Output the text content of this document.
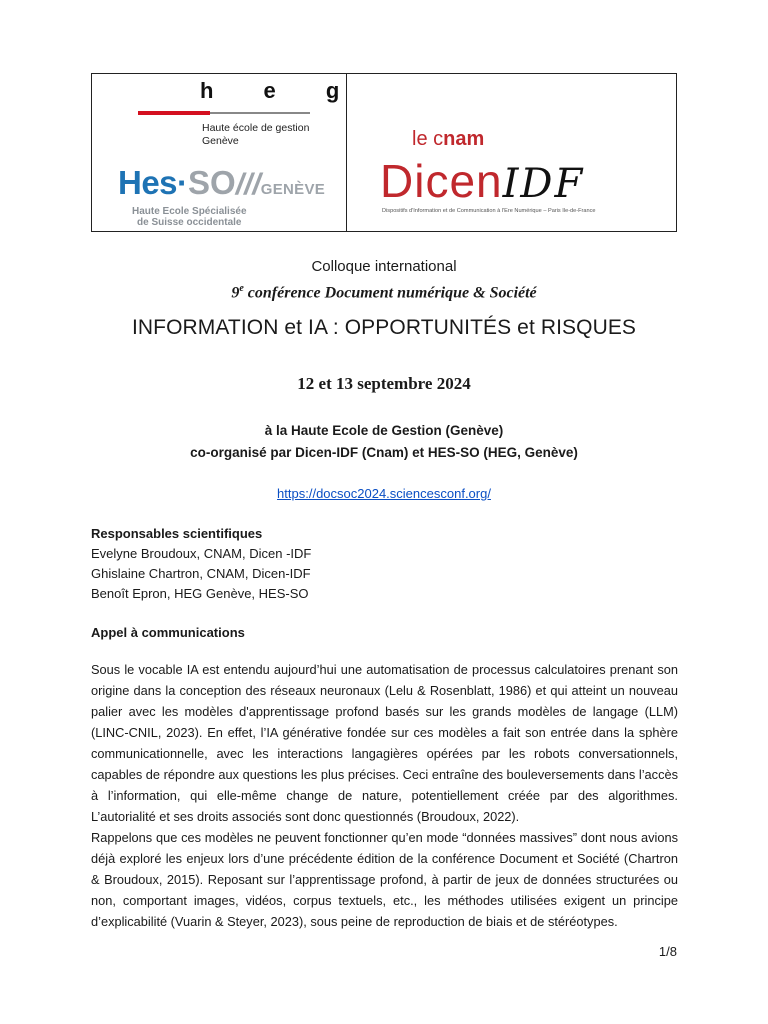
h e g
Haute école de gestion
Genève
Hes·SO///GENÈVE
Haute Ecole Spécialisée
de Suisse occidentale
le cnam
DicenIDF
Dispositifs d'Information et de Communication à l'Ère Numérique – Paris Île-de-France
Colloque international
9e conférence Document numérique & Société
INFORMATION et IA : OPPORTUNITÉS et RISQUES
12 et 13 septembre 2024
à la Haute Ecole de Gestion (Genève)
co-organisé par Dicen-IDF (Cnam) et HES-SO (HEG, Genève)
https://docsoc2024.sciencesconf.org/
Responsables scientifiques
Evelyne Broudoux, CNAM, Dicen -IDF
Ghislaine Chartron, CNAM, Dicen-IDF
Benoît Epron, HEG Genève, HES-SO
Appel à communications

Sous le vocable IA est entendu aujourd’hui une automatisation de processus calculatoires prenant son origine dans la conception des réseaux neuronaux (Lelu & Rosenblatt, 1986) et qui atteint un nouveau palier avec les modèles d'apprentissage profond basés sur les grands modèles de langage (LLM) (LINC-CNIL, 2023). En effet, l’IA générative fondée sur ces modèles a fait son entrée dans la sphère communicationnelle, avec les interactions langagières opérées par les robots conversationnels, capables de répondre aux questions les plus précises. Ceci entraîne des bouleversements dans l’accès à l’information, qui elle-même change de nature, potentiellement créée par des algorithmes. L’autorialité et ses droits associés sont donc questionnés (Broudoux, 2022).

Rappelons que ces modèles ne peuvent fonctionner qu’en mode “données massives” dont nous avions déjà exploré les enjeux lors d’une précédente édition de la conférence Document et Société (Chartron & Broudoux, 2015). Reposant sur l’apprentissage profond, à partir de jeux de données structurées ou non, comportant images, vidéos, corpus textuels, etc., les méthodes utilisées exigent un principe d’explicabilité (Vuarin & Steyer, 2023), sous peine de reproduction de biais et de stéréotypes.

1/8
